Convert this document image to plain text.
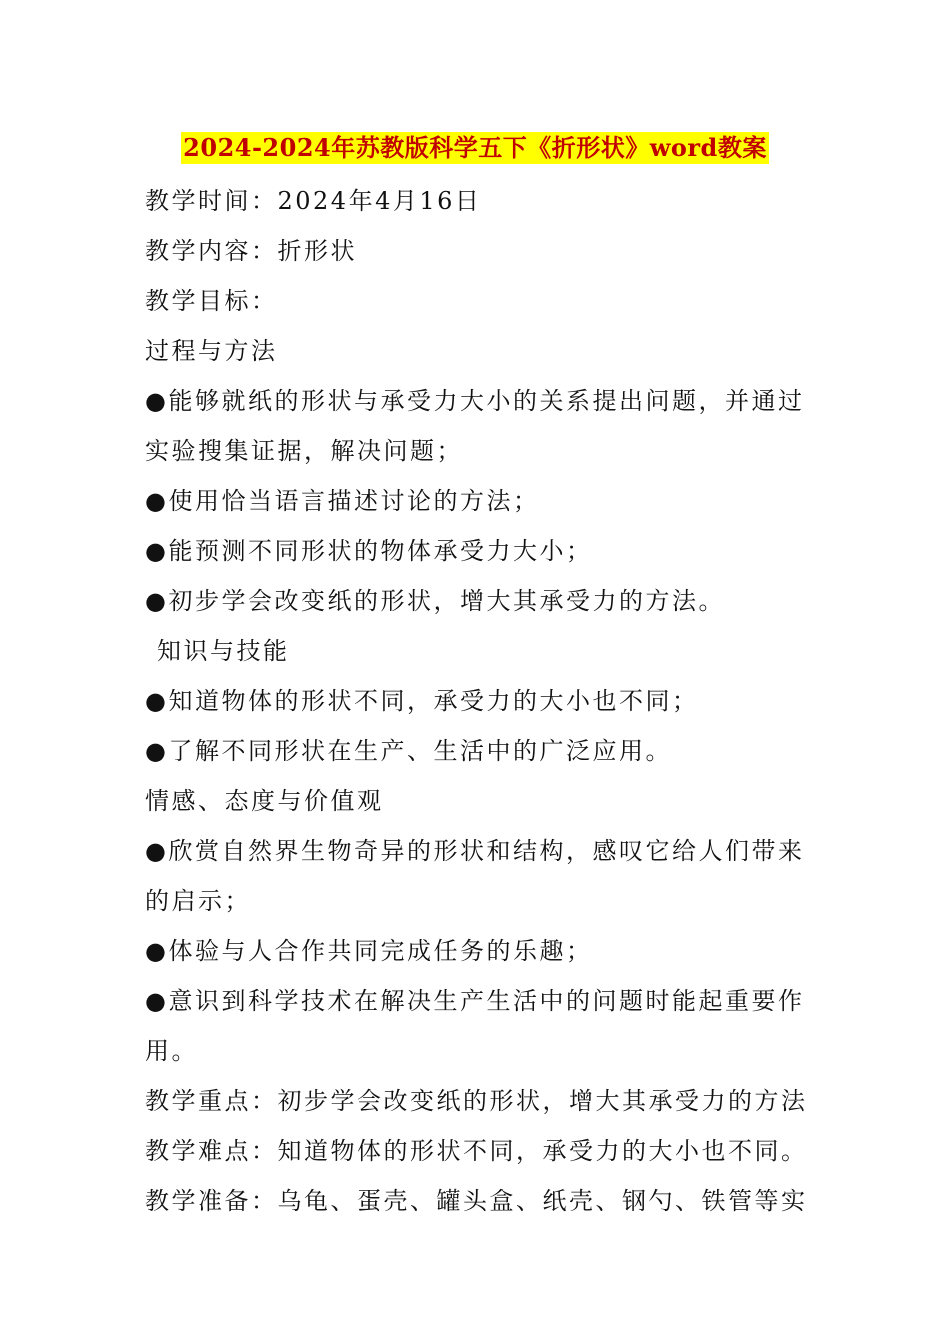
2024-2024年苏教版科学五下《折形状》word教案
教学时间：2024年4月16日
教学内容：折形状
教学目标：
过程与方法
●能够就纸的形状与承受力大小的关系提出问题，并通过
实验搜集证据，解决问题；
●使用恰当语言描述讨论的方法；
●能预测不同形状的物体承受力大小；
●初步学会改变纸的形状，增大其承受力的方法。
知识与技能
●知道物体的形状不同，承受力的大小也不同；
●了解不同形状在生产、生活中的广泛应用。
情感、态度与价值观
●欣赏自然界生物奇异的形状和结构，感叹它给人们带来
的启示；
●体验与人合作共同完成任务的乐趣；
●意识到科学技术在解决生产生活中的问题时能起重要作
用。
教学重点：初步学会改变纸的形状，增大其承受力的方法
教学难点：知道物体的形状不同，承受力的大小也不同。
教学准备：乌龟、蛋壳、罐头盒、纸壳、钢勺、铁管等实
